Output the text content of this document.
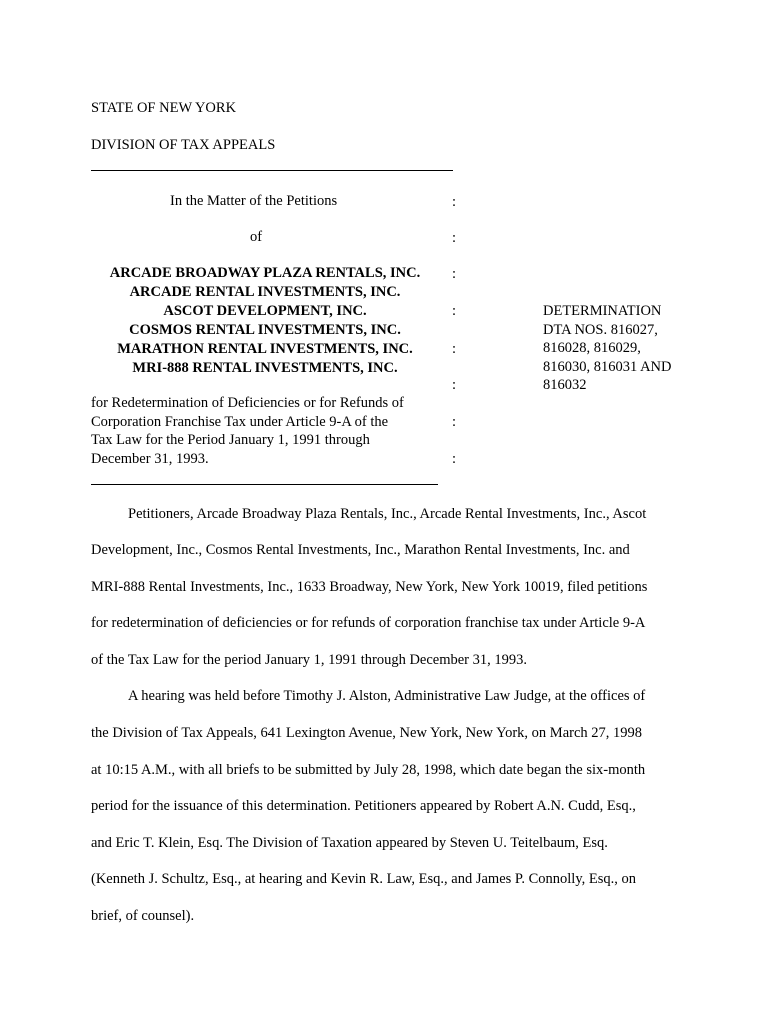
STATE OF NEW YORK
DIVISION OF TAX APPEALS
In the Matter of the Petitions
of
ARCADE BROADWAY PLAZA RENTALS, INC.
ARCADE RENTAL INVESTMENTS, INC.
ASCOT DEVELOPMENT, INC.
COSMOS RENTAL INVESTMENTS, INC.
MARATHON RENTAL INVESTMENTS, INC.
MRI-888 RENTAL INVESTMENTS, INC.
for Redetermination of Deficiencies or for Refunds of
Corporation Franchise Tax under Article 9-A of the
Tax Law for the Period January 1, 1991 through
December 31, 1993.
:
:
:
:
:
:
:
:
DETERMINATION
DTA NOS. 816027,
816028, 816029,
816030, 816031 AND
816032
Petitioners, Arcade Broadway Plaza Rentals, Inc., Arcade Rental Investments, Inc., Ascot
Development, Inc., Cosmos Rental Investments, Inc., Marathon Rental Investments, Inc. and
MRI-888 Rental Investments, Inc., 1633 Broadway, New York, New York 10019, filed petitions
for redetermination of deficiencies or for refunds of corporation franchise tax under Article 9-A
of the Tax Law for the period January 1, 1991 through December 31, 1993.
A hearing was held before Timothy J. Alston, Administrative Law Judge, at the offices of
the Division of Tax Appeals, 641 Lexington Avenue, New York, New York, on March 27, 1998
at 10:15 A.M., with all briefs to be submitted by July 28, 1998, which date began the six-month
period for the issuance of this determination. Petitioners appeared by Robert A.N. Cudd, Esq.,
and Eric T. Klein, Esq. The Division of Taxation appeared by Steven U. Teitelbaum, Esq.
(Kenneth J. Schultz, Esq., at hearing and Kevin R. Law, Esq., and James P. Connolly, Esq., on
brief, of counsel).
